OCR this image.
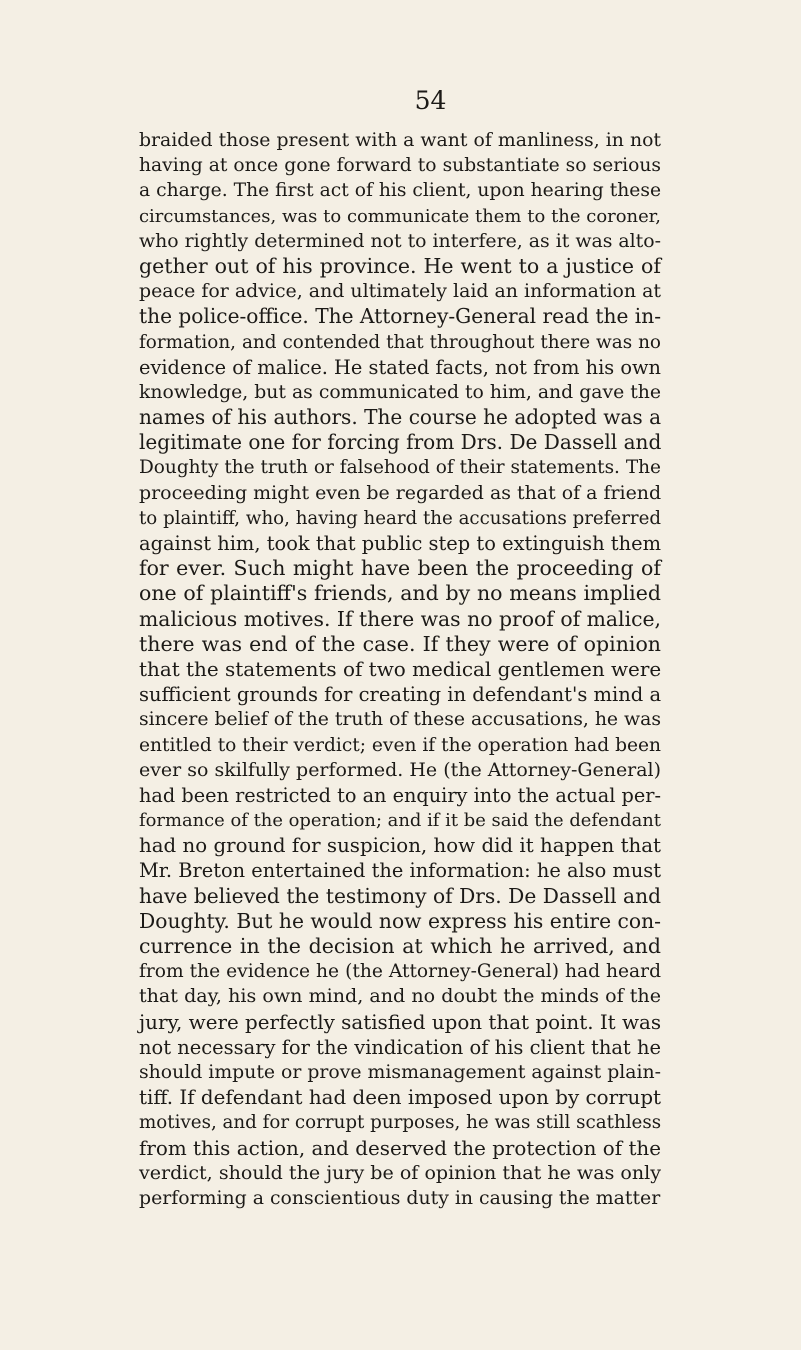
54
braided those present with a want of manliness, in not
having at once gone forward to substantiate so serious
a charge. The first act of his client, upon hearing these
circumstances, was to communicate them to the coroner,
who rightly determined not to interfere, as it was alto-
gether out of his province. He went to a justice of
peace for advice, and ultimately laid an information at
the police-office. The Attorney-General read the in-
formation, and contended that throughout there was no
evidence of malice. He stated facts, not from his own
knowledge, but as communicated to him, and gave the
names of his authors. The course he adopted was a
legitimate one for forcing from Drs. De Dassell and
Doughty the truth or falsehood of their statements. The
proceeding might even be regarded as that of a friend
to plaintiff, who, having heard the accusations preferred
against him, took that public step to extinguish them
for ever. Such might have been the proceeding of
one of plaintiff's friends, and by no means implied
malicious motives. If there was no proof of malice,
there was end of the case. If they were of opinion
that the statements of two medical gentlemen were
sufficient grounds for creating in defendant's mind a
sincere belief of the truth of these accusations, he was
entitled to their verdict; even if the operation had been
ever so skilfully performed. He (the Attorney-General)
had been restricted to an enquiry into the actual per-
formance of the operation; and if it be said the defendant
had no ground for suspicion, how did it happen that
Mr. Breton entertained the information: he also must
have believed the testimony of Drs. De Dassell and
Doughty. But he would now express his entire con-
currence in the decision at which he arrived, and
from the evidence he (the Attorney-General) had heard
that day, his own mind, and no doubt the minds of the
jury, were perfectly satisfied upon that point. It was
not necessary for the vindication of his client that he
should impute or prove mismanagement against plain-
tiff. If defendant had deen imposed upon by corrupt
motives, and for corrupt purposes, he was still scathless
from this action, and deserved the protection of the
verdict, should the jury be of opinion that he was only
performing a conscientious duty in causing the matter
